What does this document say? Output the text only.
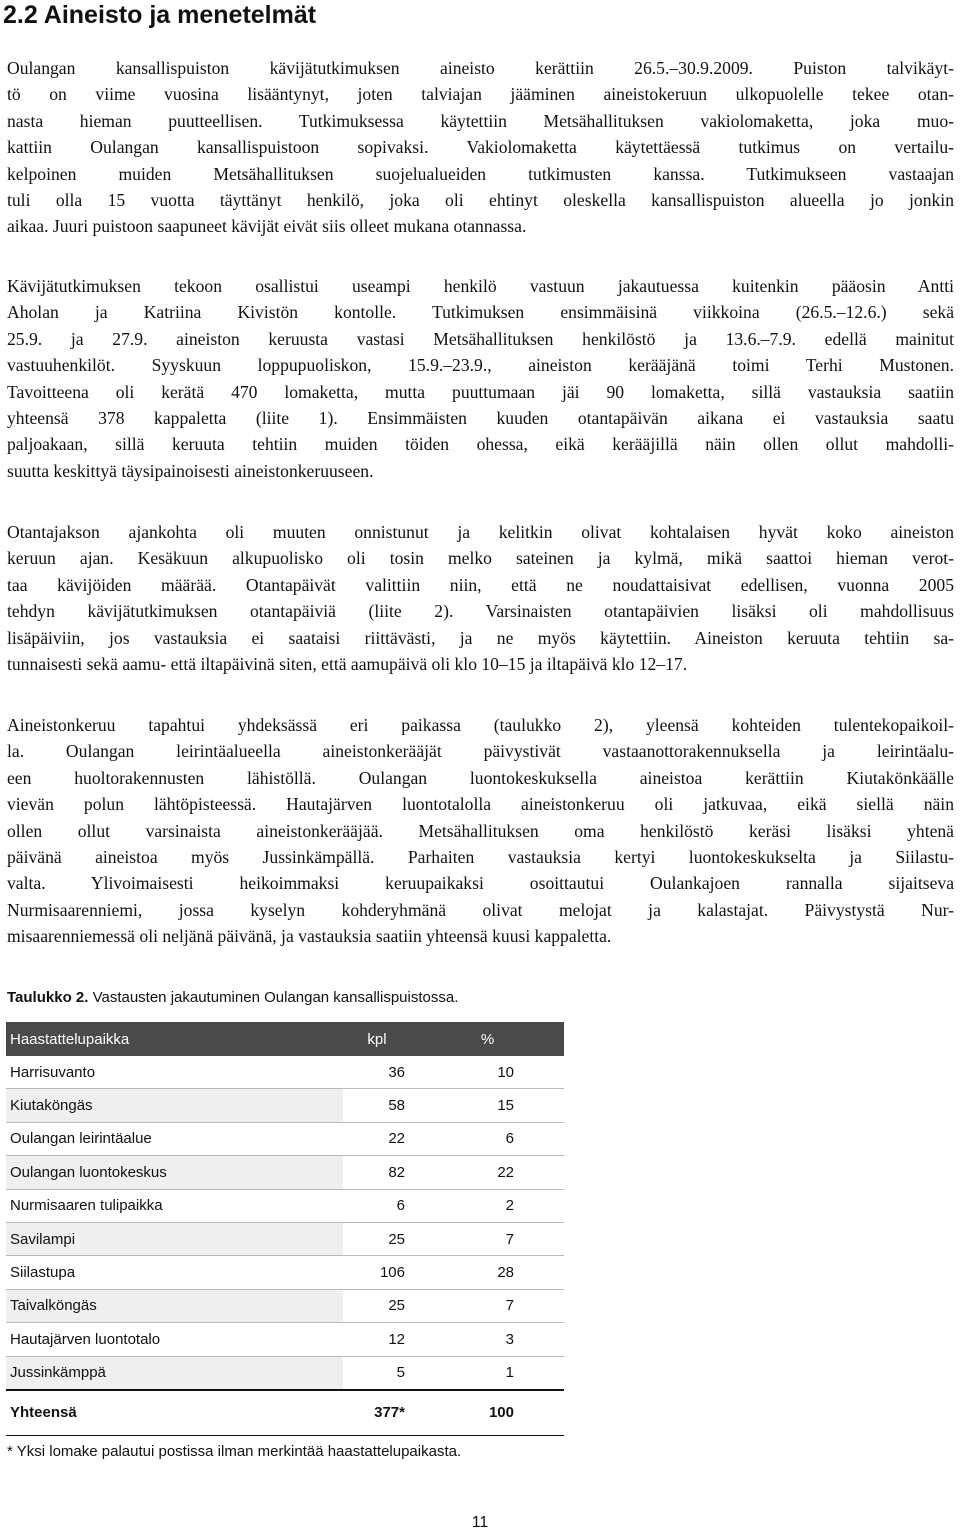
2.2 Aineisto ja menetelmät
Oulangan kansallispuiston kävijätutkimuksen aineisto kerättiin 26.5.–30.9.2009. Puiston talvikäyt-
tö on viime vuosina lisääntynyt, joten talviajan jääminen aineistokeruun ulkopuolelle tekee otan-
nasta hieman puutteellisen. Tutkimuksessa käytettiin Metsähallituksen vakiolomaketta, joka muo-
kattiin Oulangan kansallispuistoon sopivaksi. Vakiolomaketta käytettäessä tutkimus on vertailu-
kelpoinen muiden Metsähallituksen suojelualueiden tutkimusten kanssa. Tutkimukseen vastaajan
tuli olla 15 vuotta täyttänyt henkilö, joka oli ehtinyt oleskella kansallispuiston alueella jo jonkin
aikaa. Juuri puistoon saapuneet kävijät eivät siis olleet mukana otannassa.
Kävijätutkimuksen tekoon osallistui useampi henkilö vastuun jakautuessa kuitenkin pääosin Antti
Aholan ja Katriina Kivistön kontolle. Tutkimuksen ensimmäisinä viikkoina (26.5.–12.6.) sekä
25.9. ja 27.9. aineiston keruusta vastasi Metsähallituksen henkilöstö ja 13.6.–7.9. edellä mainitut
vastuuhenkilöt. Syyskuun loppupuoliskon, 15.9.–23.9., aineiston kerääjänä toimi Terhi Mustonen.
Tavoitteena oli kerätä 470 lomaketta, mutta puuttumaan jäi 90 lomaketta, sillä vastauksia saatiin
yhteensä 378 kappaletta (liite 1). Ensimmäisten kuuden otantapäivän aikana ei vastauksia saatu
paljoakaan, sillä keruuta tehtiin muiden töiden ohessa, eikä kerääjillä näin ollen ollut mahdolli-
suutta keskittyä täysipainoisesti aineistonkeruuseen.
Otantajakson ajankohta oli muuten onnistunut ja kelitkin olivat kohtalaisen hyvät koko aineiston
keruun ajan. Kesäkuun alkupuolisko oli tosin melko sateinen ja kylmä, mikä saattoi hieman verot-
taa kävijöiden määrää. Otantapäivät valittiin niin, että ne noudattaisivat edellisen, vuonna 2005
tehdyn kävijätutkimuksen otantapäiviä (liite 2). Varsinaisten otantapäivien lisäksi oli mahdollisuus
lisäpäiviin, jos vastauksia ei saataisi riittävästi, ja ne myös käytettiin. Aineiston keruuta tehtiin sa-
tunnaisesti sekä aamu- että iltapäivinä siten, että aamupäivä oli klo 10–15 ja iltapäivä klo 12–17.
Aineistonkeruu tapahtui yhdeksässä eri paikassa (taulukko 2), yleensä kohteiden tulentekopaikoil-
la. Oulangan leirintäalueella aineistonkerääjät päivystivät vastaanottorakennuksella ja leirintäalu-
een huoltorakennusten lähistöllä. Oulangan luontokeskuksella aineistoa kerättiin Kiutakönkäälle
vievän polun lähtöpisteessä. Hautajärven luontotalolla aineistonkeruu oli jatkuvaa, eikä siellä näin
ollen ollut varsinaista aineistonkerääjää. Metsähallituksen oma henkilöstö keräsi lisäksi yhtenä
päivänä aineistoa myös Jussinkämpällä. Parhaiten vastauksia kertyi luontokeskukselta ja Siilastu-
valta. Ylivoimaisesti heikoimmaksi keruupaikaksi osoittautui Oulankajoen rannalla sijaitseva
Nurmisaarenniemi, jossa kyselyn kohderyhmänä olivat melojat ja kalastajat. Päivystystä Nur-
misaarenniemessä oli neljänä päivänä, ja vastauksia saatiin yhteensä kuusi kappaletta.

Taulukko 2. Vastausten jakautuminen Oulangan kansallispuistossa.

Haastattelupaikka	kpl	%
Harrisuvanto	36	10
Kiutaköngäs	58	15
Oulangan leirintäalue	22	6
Oulangan luontokeskus	82	22
Nurmisaaren tulipaikka	6	2
Savilampi	25	7
Siilastupa	106	28
Taivalköngäs	25	7
Hautajärven luontotalo	12	3
Jussinkämppä	5	1
Yhteensä	377*	100

* Yksi lomake palautui postissa ilman merkintää haastattelupaikasta.

11
